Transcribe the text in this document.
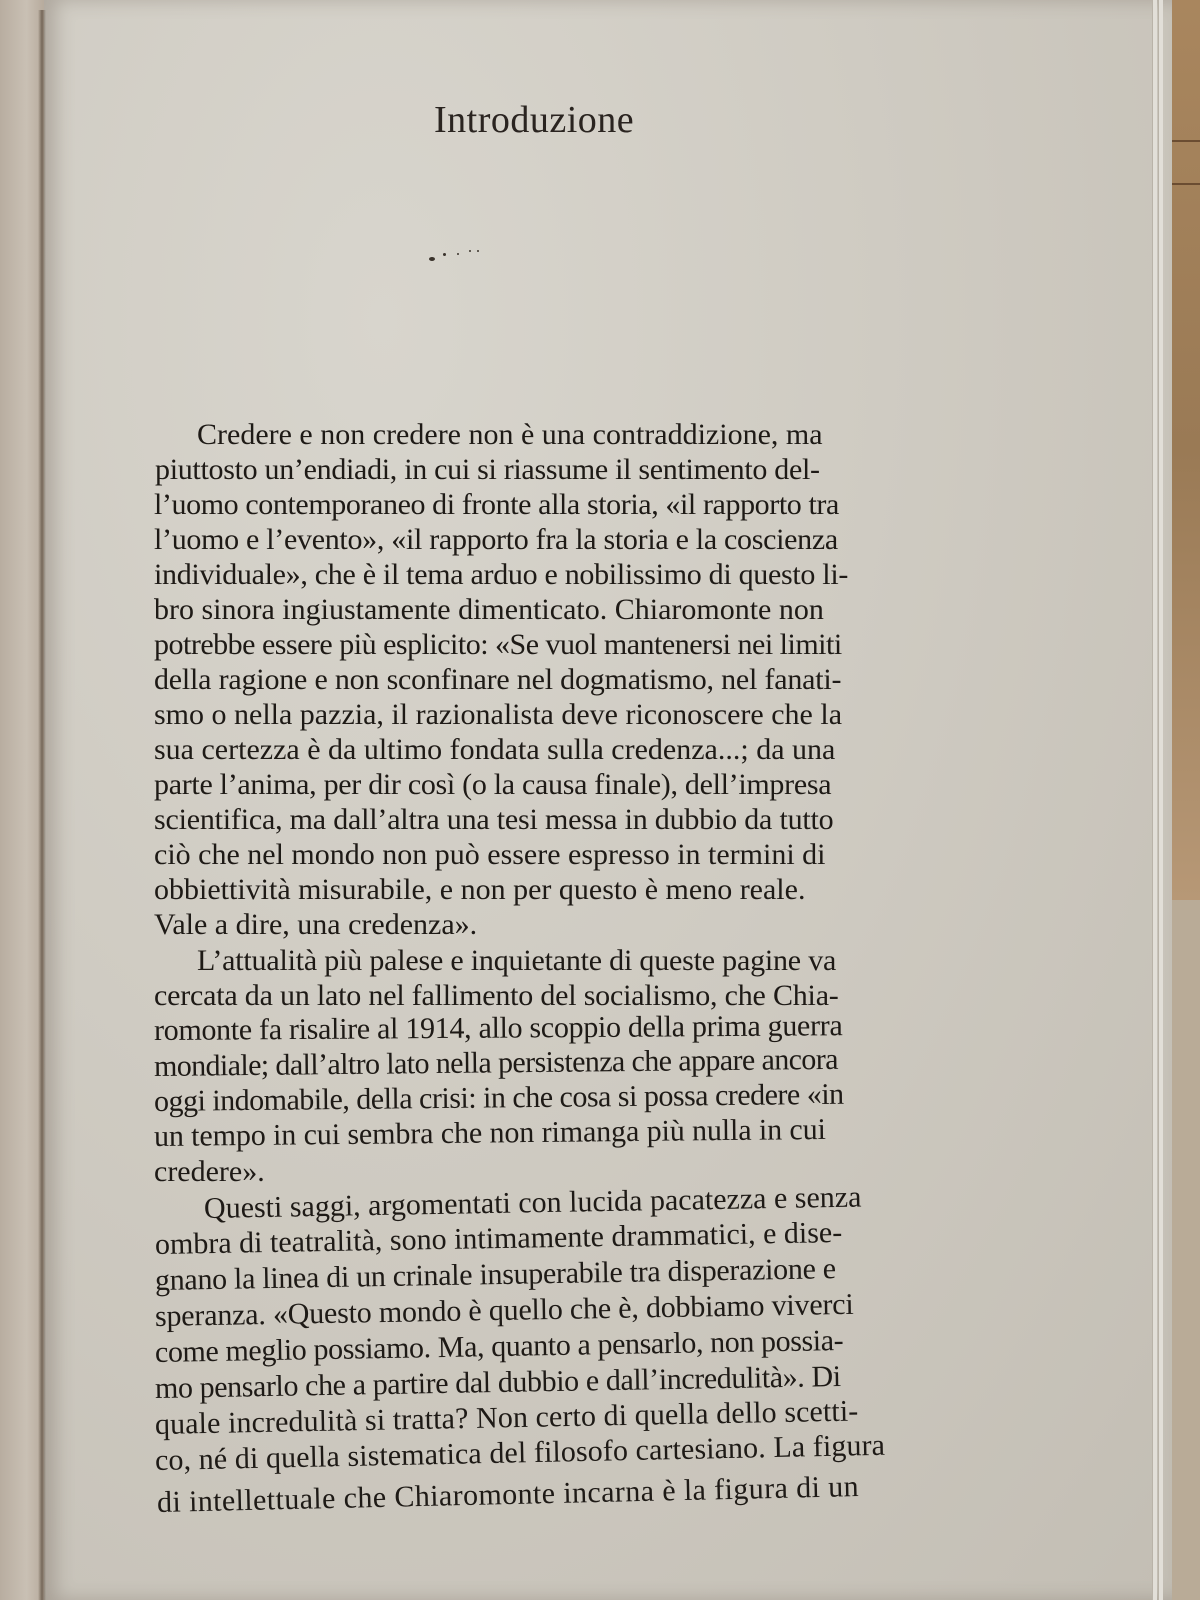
Introduzione
Credere e non credere non è una contraddizione, ma
piuttosto un’endiadi, in cui si riassume il sentimento del-
l’uomo contemporaneo di fronte alla storia, «il rapporto tra
l’uomo e l’evento», «il rapporto fra la storia e la coscienza
individuale», che è il tema arduo e nobilissimo di questo li-
bro sinora ingiustamente dimenticato. Chiaromonte non
potrebbe essere più esplicito: «Se vuol mantenersi nei limiti
della ragione e non sconfinare nel dogmatismo, nel fanati-
smo o nella pazzia, il razionalista deve riconoscere che la
sua certezza è da ultimo fondata sulla credenza...; da una
parte l’anima, per dir così (o la causa finale), dell’impresa
scientifica, ma dall’altra una tesi messa in dubbio da tutto
ciò che nel mondo non può essere espresso in termini di
obbiettività misurabile, e non per questo è meno reale.
Vale a dire, una credenza».
L’attualità più palese e inquietante di queste pagine va
cercata da un lato nel fallimento del socialismo, che Chia-
romonte fa risalire al 1914, allo scoppio della prima guerra
mondiale; dall’altro lato nella persistenza che appare ancora
oggi indomabile, della crisi: in che cosa si possa credere «in
un tempo in cui sembra che non rimanga più nulla in cui
credere».
Questi saggi, argomentati con lucida pacatezza e senza
ombra di teatralità, sono intimamente drammatici, e dise-
gnano la linea di un crinale insuperabile tra disperazione e
speranza. «Questo mondo è quello che è, dobbiamo viverci
come meglio possiamo. Ma, quanto a pensarlo, non possia-
mo pensarlo che a partire dal dubbio e dall’incredulità». Di
quale incredulità si tratta? Non certo di quella dello scetti-
co, né di quella sistematica del filosofo cartesiano. La figura
di intellettuale che Chiaromonte incarna è la figura di un
